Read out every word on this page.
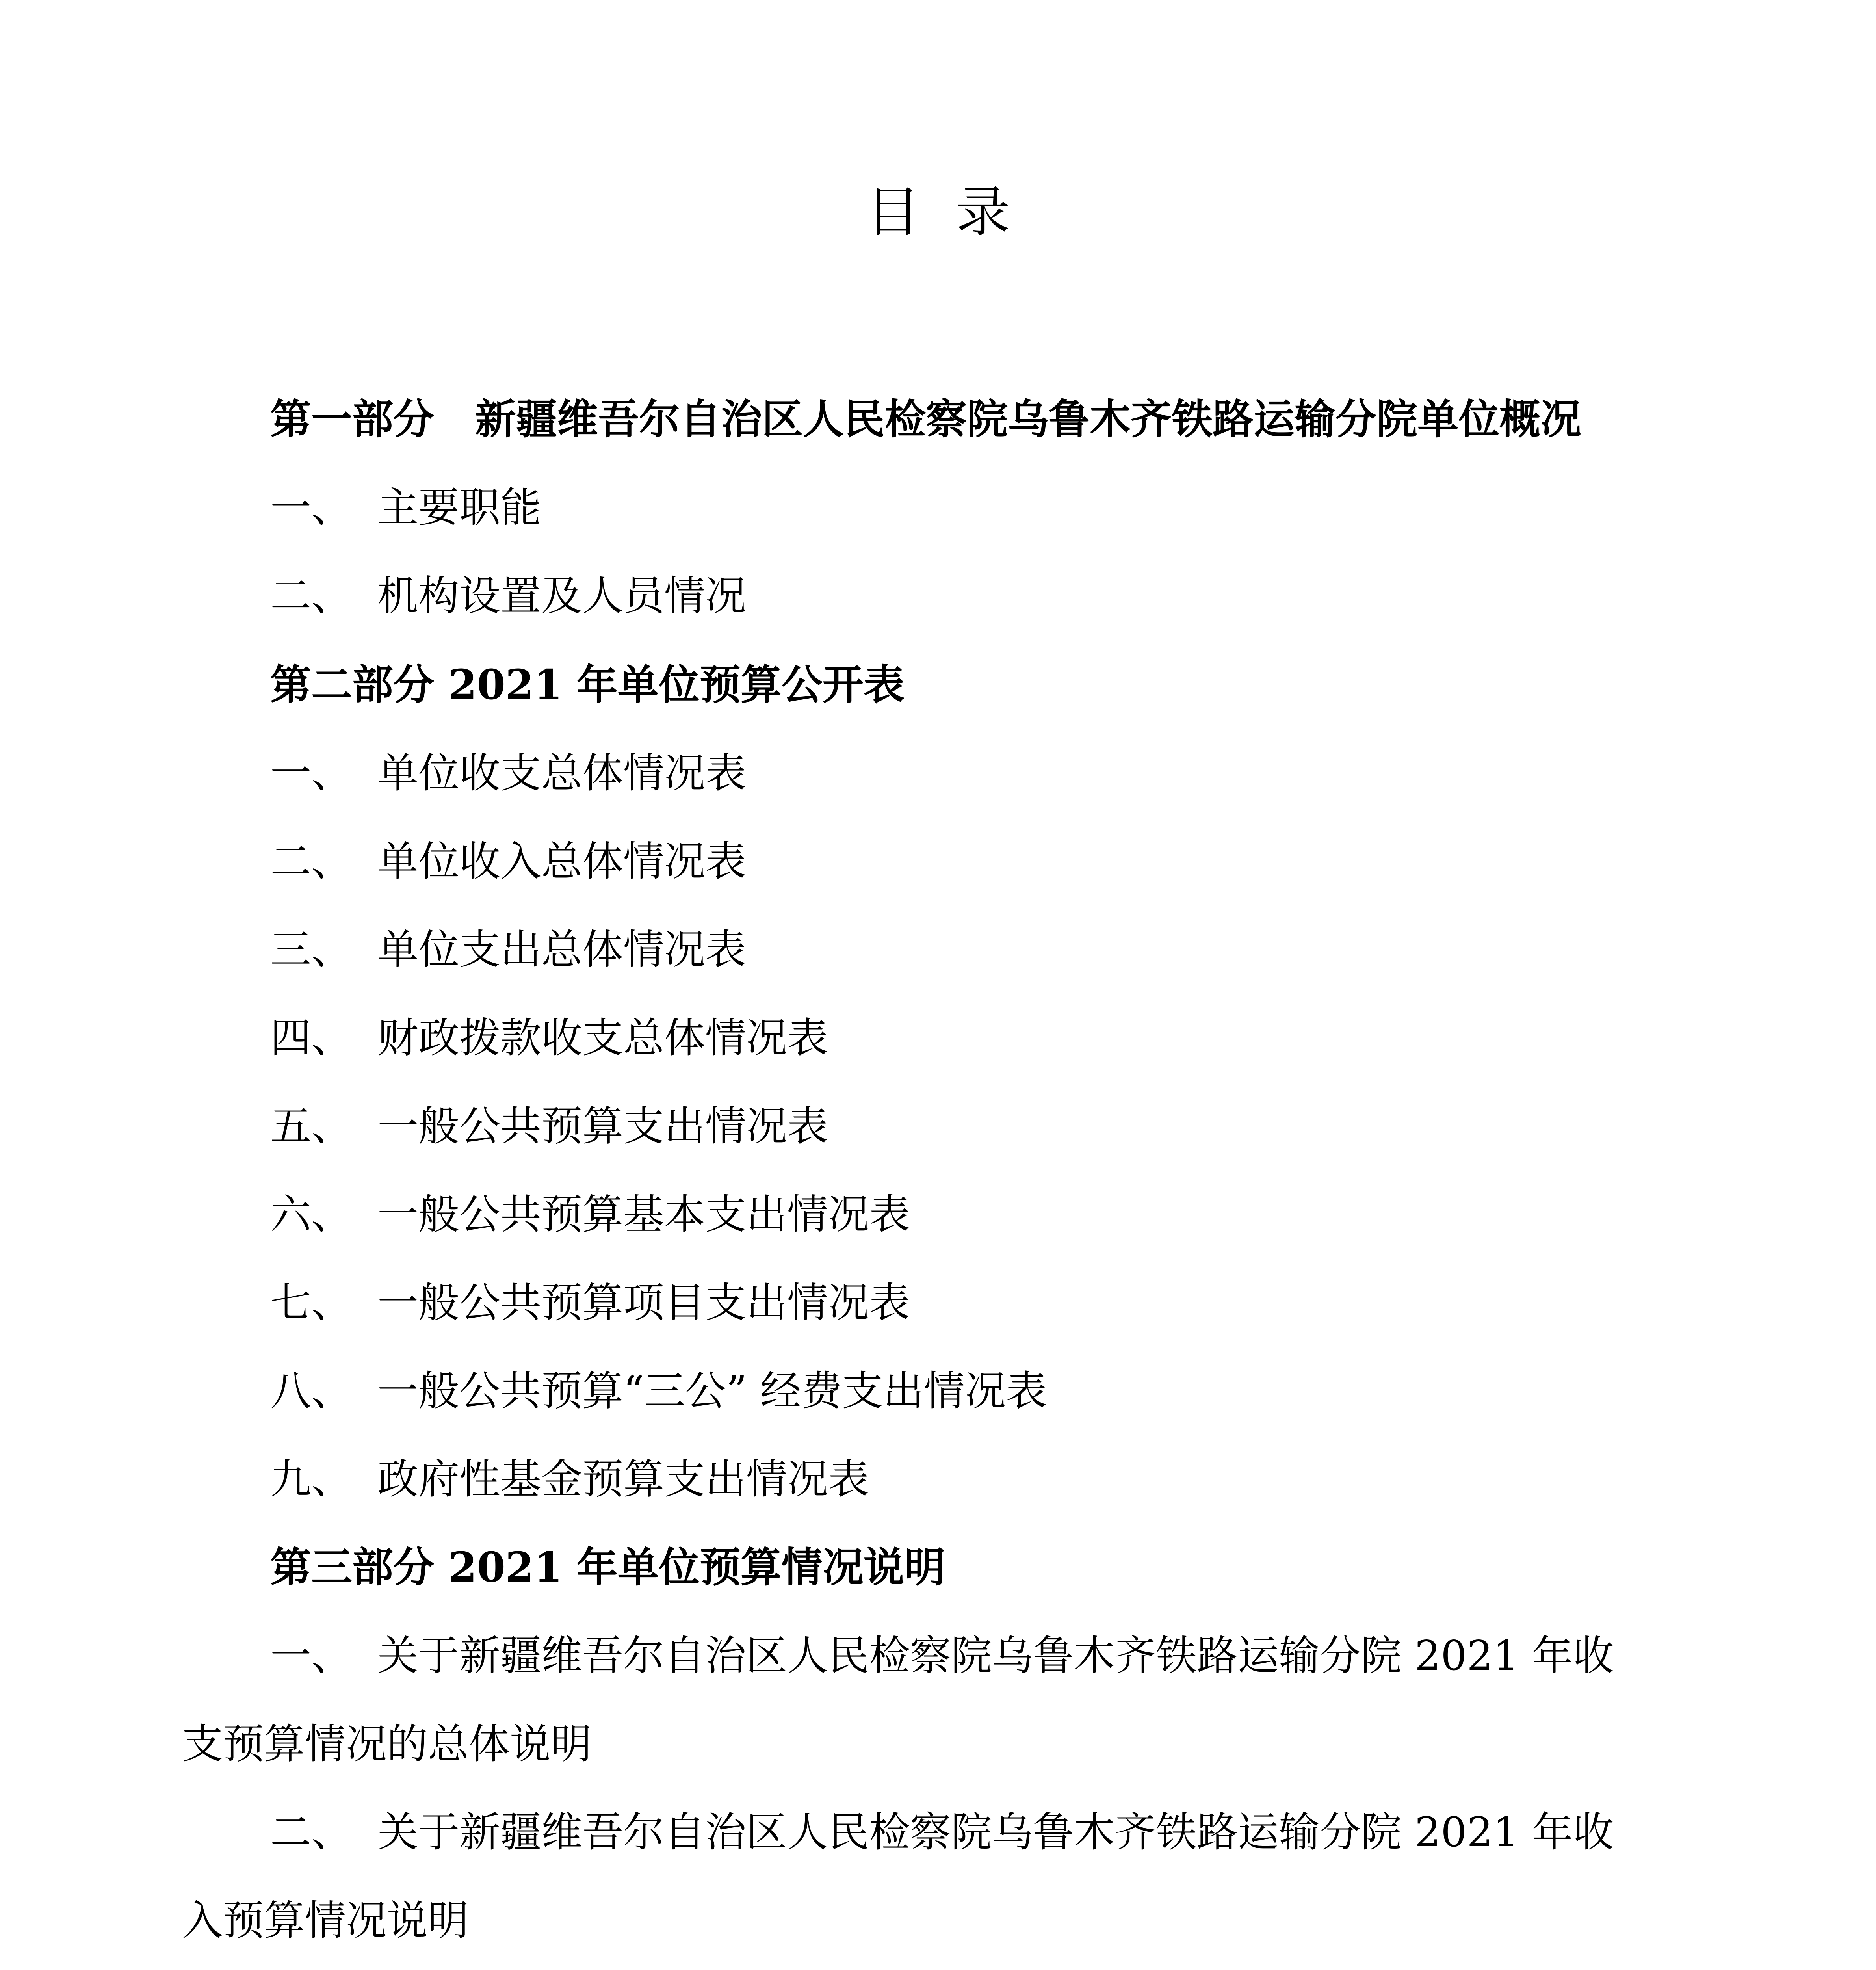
目录
第一部分　新疆维吾尔自治区人民检察院乌鲁木齐铁路运输分院单位概况
一、 主要职能
二、 机构设置及人员情况
第二部分 2021 年单位预算公开表
一、 单位收支总体情况表
二、 单位收入总体情况表
三、 单位支出总体情况表
四、 财政拨款收支总体情况表
五、 一般公共预算支出情况表
六、 一般公共预算基本支出情况表
七、 一般公共预算项目支出情况表
八、 一般公共预算“三公” 经费支出情况表
九、 政府性基金预算支出情况表
第三部分 2021 年单位预算情况说明
一、 关于新疆维吾尔自治区人民检察院乌鲁木齐铁路运输分院 2021 年收
支预算情况的总体说明
二、 关于新疆维吾尔自治区人民检察院乌鲁木齐铁路运输分院 2021 年收
入预算情况说明
